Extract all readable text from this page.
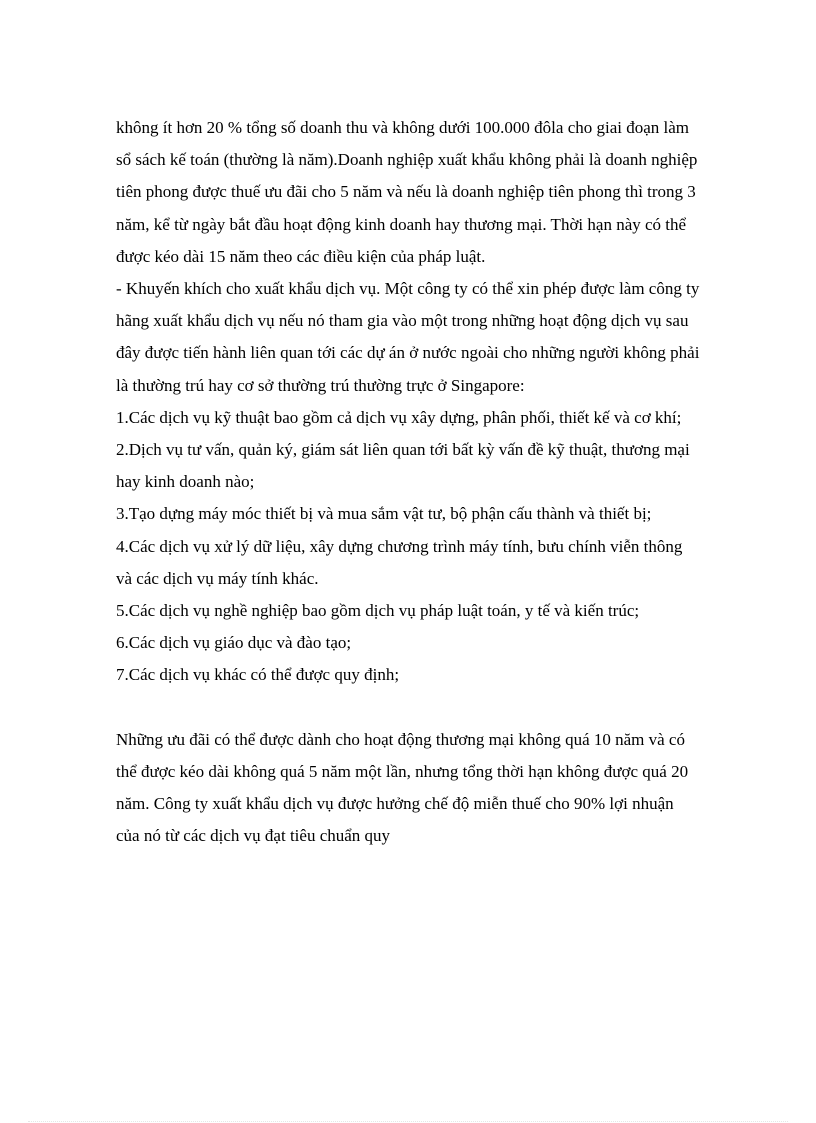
không ít hơn 20 % tổng số doanh thu và không dưới 100.000 đôla cho giai đoạn làm sổ sách kế toán (thường là năm).Doanh nghiệp xuất khẩu không phải là doanh nghiệp tiên phong được thuế ưu đãi cho 5 năm và nếu là doanh nghiệp tiên phong thì trong 3 năm, kể từ ngày bắt đầu hoạt động kinh doanh hay thương mại. Thời hạn này có thể được kéo dài 15 năm theo các điều kiện của pháp luật.

- Khuyến khích cho xuất khẩu dịch vụ. Một công ty có thể xin phép được làm công ty hãng xuất khẩu dịch vụ nếu nó tham gia vào một trong những hoạt động dịch vụ sau đây được tiến hành liên quan tới các dự án ở nước ngoài cho những người không phải là thường trú hay cơ sở thường trú thường trực ở Singapore:

1.Các dịch vụ kỹ thuật bao gồm cả dịch vụ xây dựng, phân phối, thiết kế và cơ khí;

2.Dịch vụ tư vấn, quản ký, giám sát liên quan tới bất kỳ vấn đề kỹ thuật, thương mại hay kinh doanh nào;

3.Tạo dựng máy móc thiết bị và mua sắm vật tư, bộ phận cấu thành và thiết bị;

4.Các dịch vụ xử lý dữ liệu, xây dựng chương trình máy tính, bưu chính viễn thông và các dịch vụ máy tính khác.

5.Các dịch vụ nghề nghiệp bao gồm dịch vụ pháp luật toán, y tế và kiến trúc;

6.Các dịch vụ giáo dục và đào tạo;

7.Các dịch vụ khác có thể được quy định;

Những ưu đãi có thể được dành cho hoạt động thương mại không quá 10 năm và có thể được kéo dài không quá 5 năm một lần, nhưng tổng thời hạn không được quá 20 năm. Công ty xuất khẩu dịch vụ được hưởng chế độ miễn thuế cho 90% lợi nhuận của nó từ các dịch vụ đạt tiêu chuẩn quy
